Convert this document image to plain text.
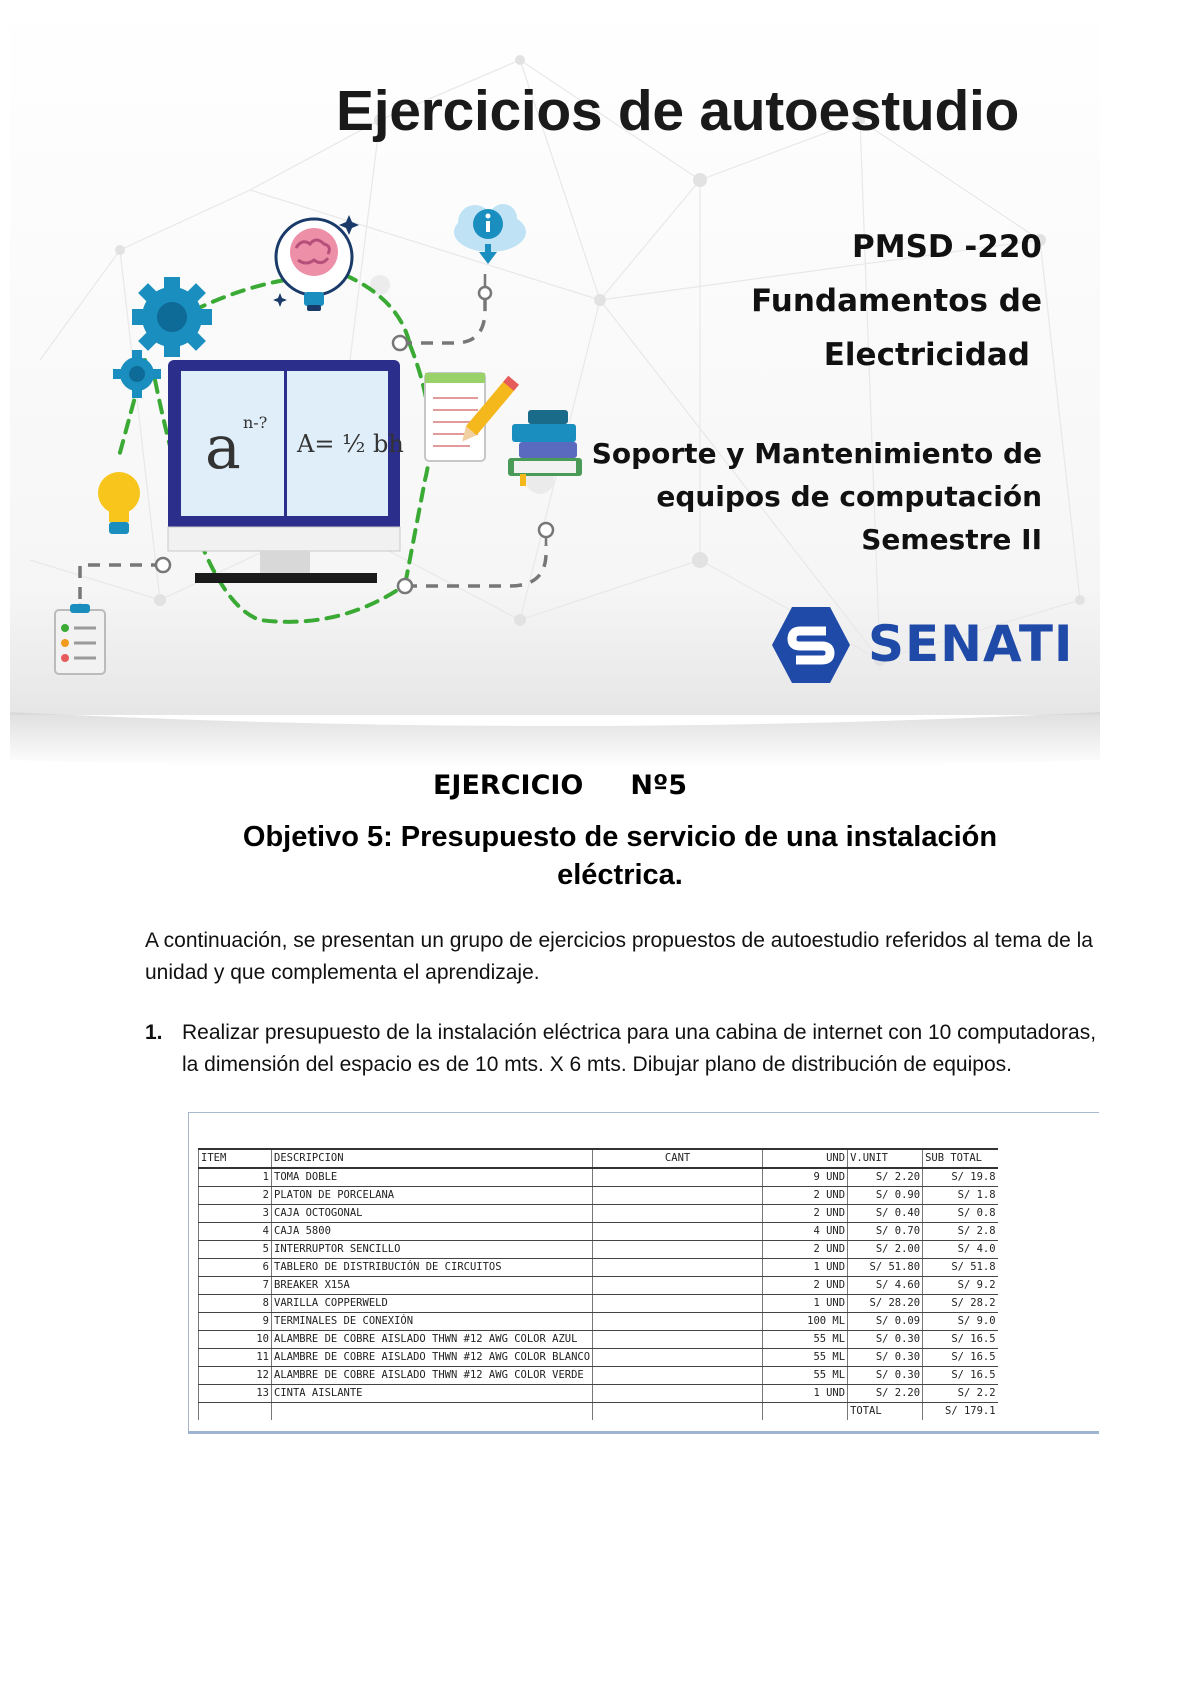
a n-?
A= ½ bh
Ejercicios de autoestudio
PMSD -220
Fundamentos de
Electricidad
Soporte y Mantenimiento de
equipos de computación
Semestre II
SENATI
EJERCICIO Nº5
Objetivo 5: Presupuesto de servicio de una instalación eléctrica.

A continuación, se presentan un grupo de ejercicios propuestos de autoestudio referidos al tema de la unidad y que complementa el aprendizaje.

1. Realizar presupuesto de la instalación eléctrica para una cabina de internet con 10 computadoras, la dimensión del espacio es de 10 mts. X 6 mts. Dibujar plano de distribución de equipos.
ITEM	DESCRIPCION	CANT	UND	V.UNIT	SUB TOTAL
1	TOMA DOBLE		9 UND	S/ 2.20	S/ 19.8
2	PLATON DE PORCELANA		2 UND	S/ 0.90	S/ 1.8
3	CAJA OCTOGONAL		2 UND	S/ 0.40	S/ 0.8
4	CAJA 5800		4 UND	S/ 0.70	S/ 2.8
5	INTERRUPTOR SENCILLO		2 UND	S/ 2.00	S/ 4.0
6	TABLERO DE DISTRIBUCIÓN DE CIRCUITOS		1 UND	S/ 51.80	S/ 51.8
7	BREAKER X15A		2 UND	S/ 4.60	S/ 9.2
8	VARILLA COPPERWELD		1 UND	S/ 28.20	S/ 28.2
9	TERMINALES DE CONEXIÓN		100 ML	S/ 0.09	S/ 9.0
10	ALAMBRE DE COBRE AISLADO THWN #12 AWG COLOR AZUL		55 ML	S/ 0.30	S/ 16.5
11	ALAMBRE DE COBRE AISLADO THWN #12 AWG COLOR BLANCO		55 ML	S/ 0.30	S/ 16.5
12	ALAMBRE DE COBRE AISLADO THWN #12 AWG COLOR VERDE		55 ML	S/ 0.30	S/ 16.5
13	CINTA AISLANTE		1 UND	S/ 2.20	S/ 2.2
				TOTAL	S/ 179.1
